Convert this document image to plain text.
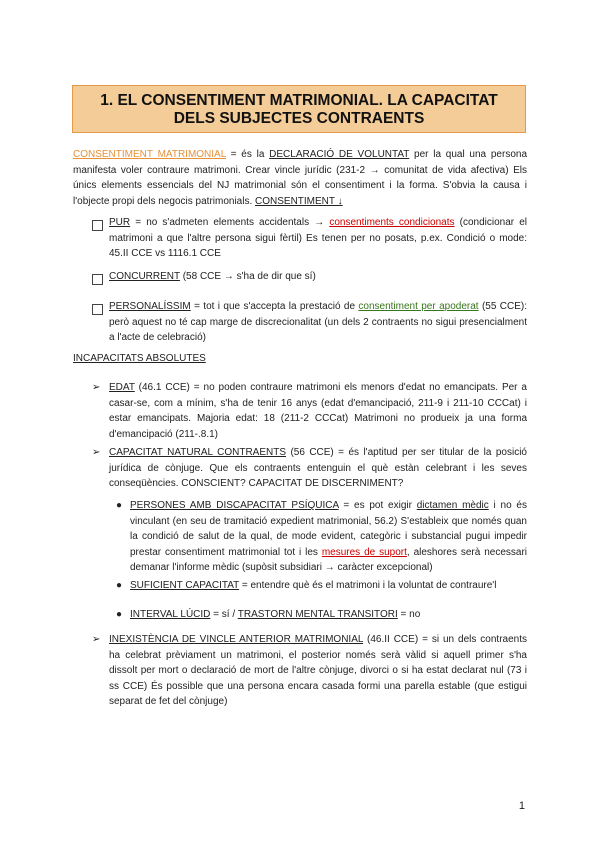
1. EL CONSENTIMENT MATRIMONIAL. LA CAPACITAT
DELS SUBJECTES CONTRAENTS
CONSENTIMENT MATRIMONIAL = és la DECLARACIÓ DE VOLUNTAT per la qual una persona manifesta voler contraure matrimoni. Crear vincle jurídic (231-2 → comunitat de vida afectiva) Els únics elements essencials del NJ matrimonial són el consentiment i la forma. S'obvia la causa i l'objecte propi dels negocis patrimonials. CONSENTIMENT ↓
PUR = no s'admeten elements accidentals → consentiments condicionats (condicionar el matrimoni a que l'altre persona sigui fèrtil) Es tenen per no posats, p.ex. Condició o mode: 45.II CCE vs 1116.1 CCE
CONCURRENT (58 CCE → s'ha de dir que sí)
PERSONALÍSSIM = tot i que s'accepta la prestació de consentiment per apoderat (55 CCE): però aquest no té cap marge de discrecionalitat (un dels 2 contraents no sigui presencialment a l'acte de celebració)
INCAPACITATS ABSOLUTES
➢ EDAT (46.1 CCE) = no poden contraure matrimoni els menors d'edat no emancipats. Per a casar-se, com a mínim, s'ha de tenir 16 anys (edat d'emancipació, 211-9 i 211-10 CCCat) i estar emancipats. Majoria edat: 18 (211-2 CCCat) Matrimoni no produeix ja una forma d'emancipació (211-.8.1)
➢ CAPACITAT NATURAL CONTRAENTS (56 CCE) = és l'aptitud per ser titular de la posició jurídica de cònjuge. Que els contraents entenguin el què estàn celebrant i les seves conseqüències. CONSCIENT? CAPACITAT DE DISCERNIMENT?
● PERSONES AMB DISCAPACITAT PSÍQUICA = es pot exigir dictamen mèdic i no és vinculant (en seu de tramitació expedient matrimonial, 56.2) S'estableix que només quan la condició de salut de la qual, de mode evident, categòric i substancial pugui impedir prestar consentiment matrimonial tot i les mesures de suport, aleshores serà necessari demanar l'informe mèdic (supòsit subsidiari → caràcter excepcional)
● SUFICIENT CAPACITAT = entendre què és el matrimoni i la voluntat de contraure'l
● INTERVAL LÚCID = sí / TRASTORN MENTAL TRANSITORI = no
➢ INEXISTÈNCIA DE VINCLE ANTERIOR MATRIMONIAL (46.II CCE) = si un dels contraents ha celebrat prèviament un matrimoni, el posterior només serà vàlid si aquell primer s'ha dissolt per mort o declaració de mort de l'altre cònjuge, divorci o si ha estat declarat nul (73 i ss CCE) És possible que una persona encara casada formi una parella estable (que estigui separat de fet del cònjuge)
1
